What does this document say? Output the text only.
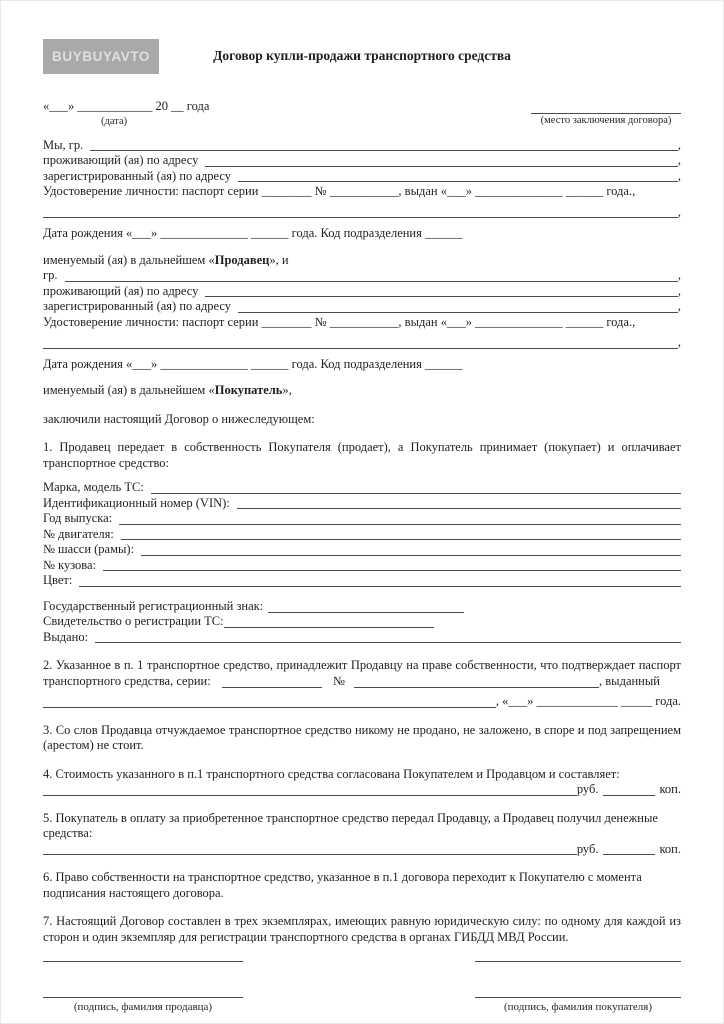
BUYBUYAVTO	Договор купли-продажи транспортного средства
«___» ____________ 20 __ года
(дата)	(место заключения договора)
Мы, гр.	,
проживающий (ая) по адресу	,
зарегистрированный (ая) по адресу	,
Удостоверение личности: паспорт серии ________ № ___________, выдан «___» ______________ ______ года.,
,
Дата рождения «___» ______________ ______ года. Код подразделения ______
именуемый (ая) в дальнейшем «Продавец», и
гр.	,
проживающий (ая) по адресу	,
зарегистрированный (ая) по адресу	,
Удостоверение личности: паспорт серии ________ № ___________, выдан «___» ______________ ______ года.,
,
Дата рождения «___» ______________ ______ года. Код подразделения ______
именуемый (ая) в дальнейшем «Покупатель»,
заключили настоящий Договор о нижеследующем:
1. Продавец передает в собственность Покупателя (продает), а Покупатель принимает (покупает) и оплачивает транспортное средство:
Марка, модель ТС:
Идентификационный номер (VIN):
Год выпуска:
№ двигателя:
№ шасси (рамы):
№ кузова:
Цвет:
Государственный регистрационный знак:
Свидетельство о регистрации ТС:
Выдано:
2. Указанное в п. 1 транспортное средство, принадлежит Продавцу на праве собственности, что подтверждает паспорт транспортного средства, серии:	№	, выданный
, «___» _____________ _____ года.
3. Со слов Продавца отчуждаемое транспортное средство никому не продано, не заложено, в споре и под запрещением (арестом) не стоит.
4. Стоимость указанного в п.1 транспортного средства согласована Покупателем и Продавцом и составляет:
руб.	коп.
5. Покупатель в оплату за приобретенное транспортное средство передал Продавцу, а Продавец получил денежные средства:
руб.	коп.
6. Право собственности на транспортное средство, указанное в п.1 договора переходит к Покупателю с момента подписания настоящего договора.
7. Настоящий Договор составлен в трех экземплярах, имеющих равную юридическую силу: по одному для каждой из сторон и один экземпляр для регистрации транспортного средства в органах ГИБДД МВД России.
(подпись, фамилия продавца)	(подпись, фамилия покупателя)
